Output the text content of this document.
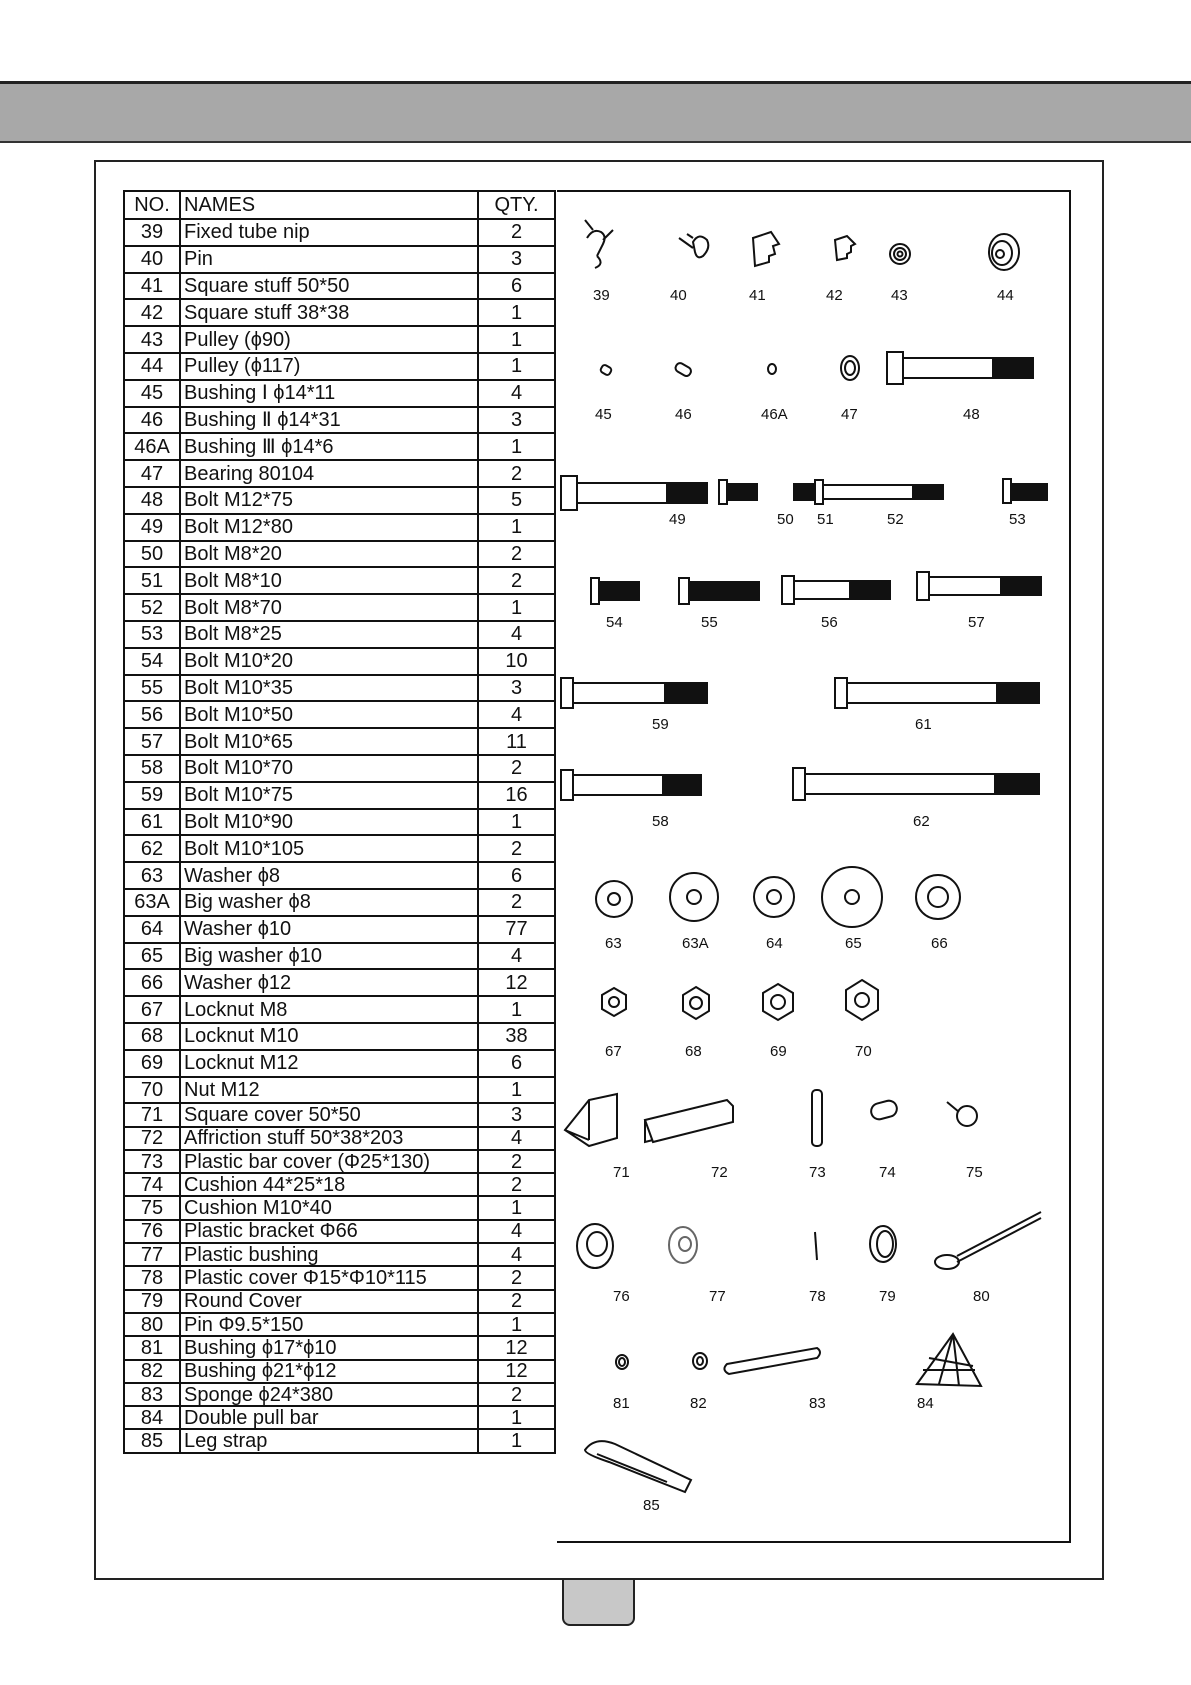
NO.	NAMES	QTY.
39	Fixed tube nip	2
40	Pin	3
41	Square stuff 50*50	6
42	Square stuff 38*38	1
43	Pulley (ϕ90)	1
44	Pulley (ϕ117)	1
45	Bushing Ⅰ ϕ14*11	4
46	Bushing Ⅱ ϕ14*31	3
46A	Bushing Ⅲ ϕ14*6	1
47	Bearing 80104	2
48	Bolt M12*75	5
49	Bolt M12*80	1
50	Bolt M8*20	2
51	Bolt M8*10	2
52	Bolt M8*70	1
53	Bolt M8*25	4
54	Bolt M10*20	10
55	Bolt M10*35	3
56	Bolt M10*50	4
57	Bolt M10*65	11
58	Bolt M10*70	2
59	Bolt M10*75	16
61	Bolt M10*90	1
62	Bolt M10*105	2
63	Washer ϕ8	6
63A	Big washer ϕ8	2
64	Washer ϕ10	77
65	Big washer ϕ10	4
66	Washer ϕ12	12
67	Locknut M8	1
68	Locknut M10	38
69	Locknut M12	6
70	Nut M12	1
71	Square cover 50*50	3
72	Affriction stuff 50*38*203	4
73	Plastic bar cover (Φ25*130)	2
74	Cushion 44*25*18	2
75	Cushion M10*40	1
76	Plastic bracket Φ66	4
77	Plastic bushing	4
78	Plastic cover Φ15*Φ10*115	2
79	Round Cover	2
80	Pin Φ9.5*150	1
81	Bushing ϕ17*ϕ10	12
82	Bushing ϕ21*ϕ12	12
83	Sponge ϕ24*380	2
84	Double pull bar	1
85	Leg strap	1
39	40	41	42	43	44
45	46	46A	47	48
49	50 51	52	53
54	55	56	57
59	61
58	62
63	63A	64	65	66
67	68	69	70
71	72	73	74	75
76	77	78	79	80
81	82	83	84
85
